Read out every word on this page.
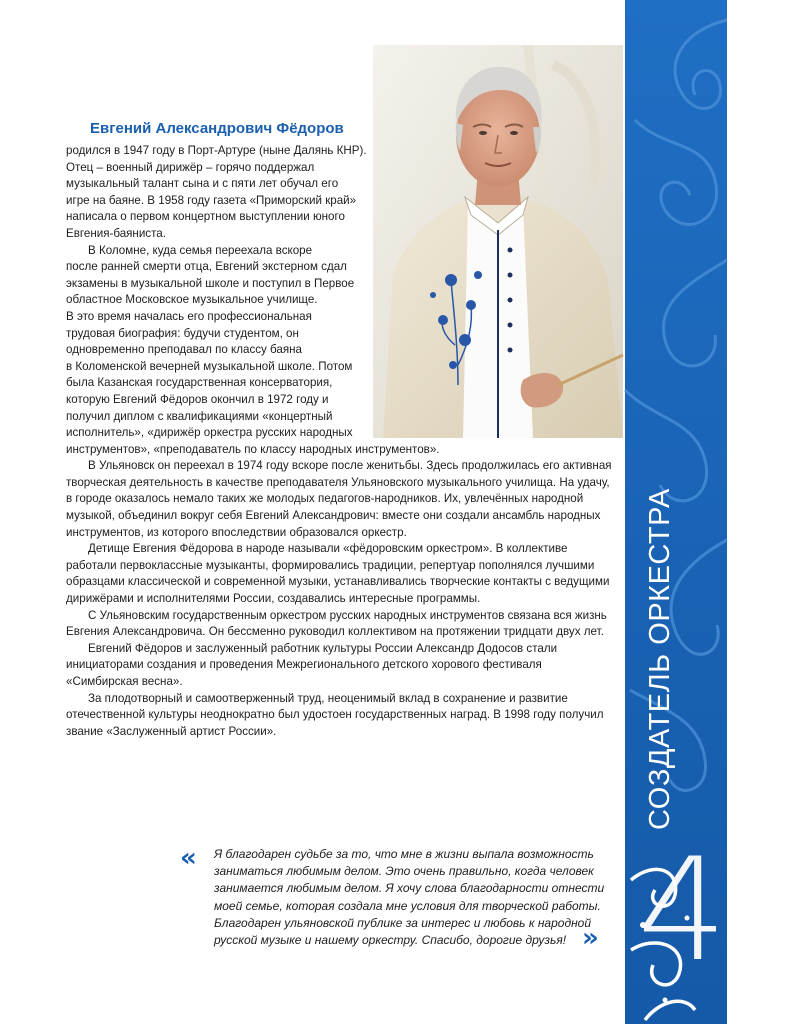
СОЗДАТЕЛЬ ОРКЕСТРА
40
Евгений Александрович Фёдоров

родился в 1947 году в Порт-Артуре (ныне Далянь КНР).

Отец – военный дирижёр – горячо поддержал

музыкальный талант сына и с пяти лет обучал его

игре на баяне. В 1958 году газета «Приморский край»

написала о первом концертном выступлении юного

Евгения-баяниста.

В Коломне, куда семья переехала вскоре

после ранней смерти отца, Евгений экстерном сдал

экзамены в музыкальной школе и поступил в Первое

областное Московское музыкальное училище.

В это время началась его профессиональная

трудовая биография: будучи студентом, он

одновременно преподавал по классу баяна

в Коломенской вечерней музыкальной школе. Потом

была Казанская государственная консерватория,

которую Евгений Фёдоров окончил в 1972 году и

получил диплом с квалификациями «концертный

исполнитель», «дирижёр оркестра русских народных

инструментов», «преподаватель по классу народных инструментов».

В Ульяновск он переехал в 1974 году вскоре после женитьбы. Здесь продолжилась его активная творческая деятельность в качестве преподавателя Ульяновского музыкального училища. На удачу, в городе оказалось немало таких же молодых педагогов-народников. Их, увлечённых народной музыкой, объединил вокруг себя Евгений Александрович: вместе они создали ансамбль народных инструментов, из которого впоследствии образовался оркестр.

Детище Евгения Фёдорова в народе называли «фёдоровским оркестром». В коллективе работали первоклассные музыканты, формировались традиции, репертуар пополнялся лучшими образцами классической и современной музыки, устанавливались творческие контакты с ведущими дирижёрами и исполнителями России, создавались интересные программы.

С Ульяновским государственным оркестром русских народных инструментов связана вся жизнь Евгения Александровича. Он бессменно руководил коллективом на протяжении тридцати двух лет.

Евгений Фёдоров и заслуженный работник культуры России Александр Додосов стали инициаторами создания и проведения Межрегионального детского хорового фестиваля «Симбирская весна».

За плодотворный и самоотверженный труд, неоценимый вклад в сохранение и развитие отечественной культуры неоднократно был удостоен государственных наград. В 1998 году получил звание «Заслуженный артист России».

« Я благодарен судьбе за то, что мне в жизни выпала возможность

заниматься любимым делом. Это очень правильно, когда человек

занимается любимым делом. Я хочу слова благодарности отнести

моей семье, которая создала мне условия для творческой работы.

Благодарен ульяновской публике за интерес и любовь к народной

русской музыке и нашему оркестру. Спасибо, дорогие друзья! »
